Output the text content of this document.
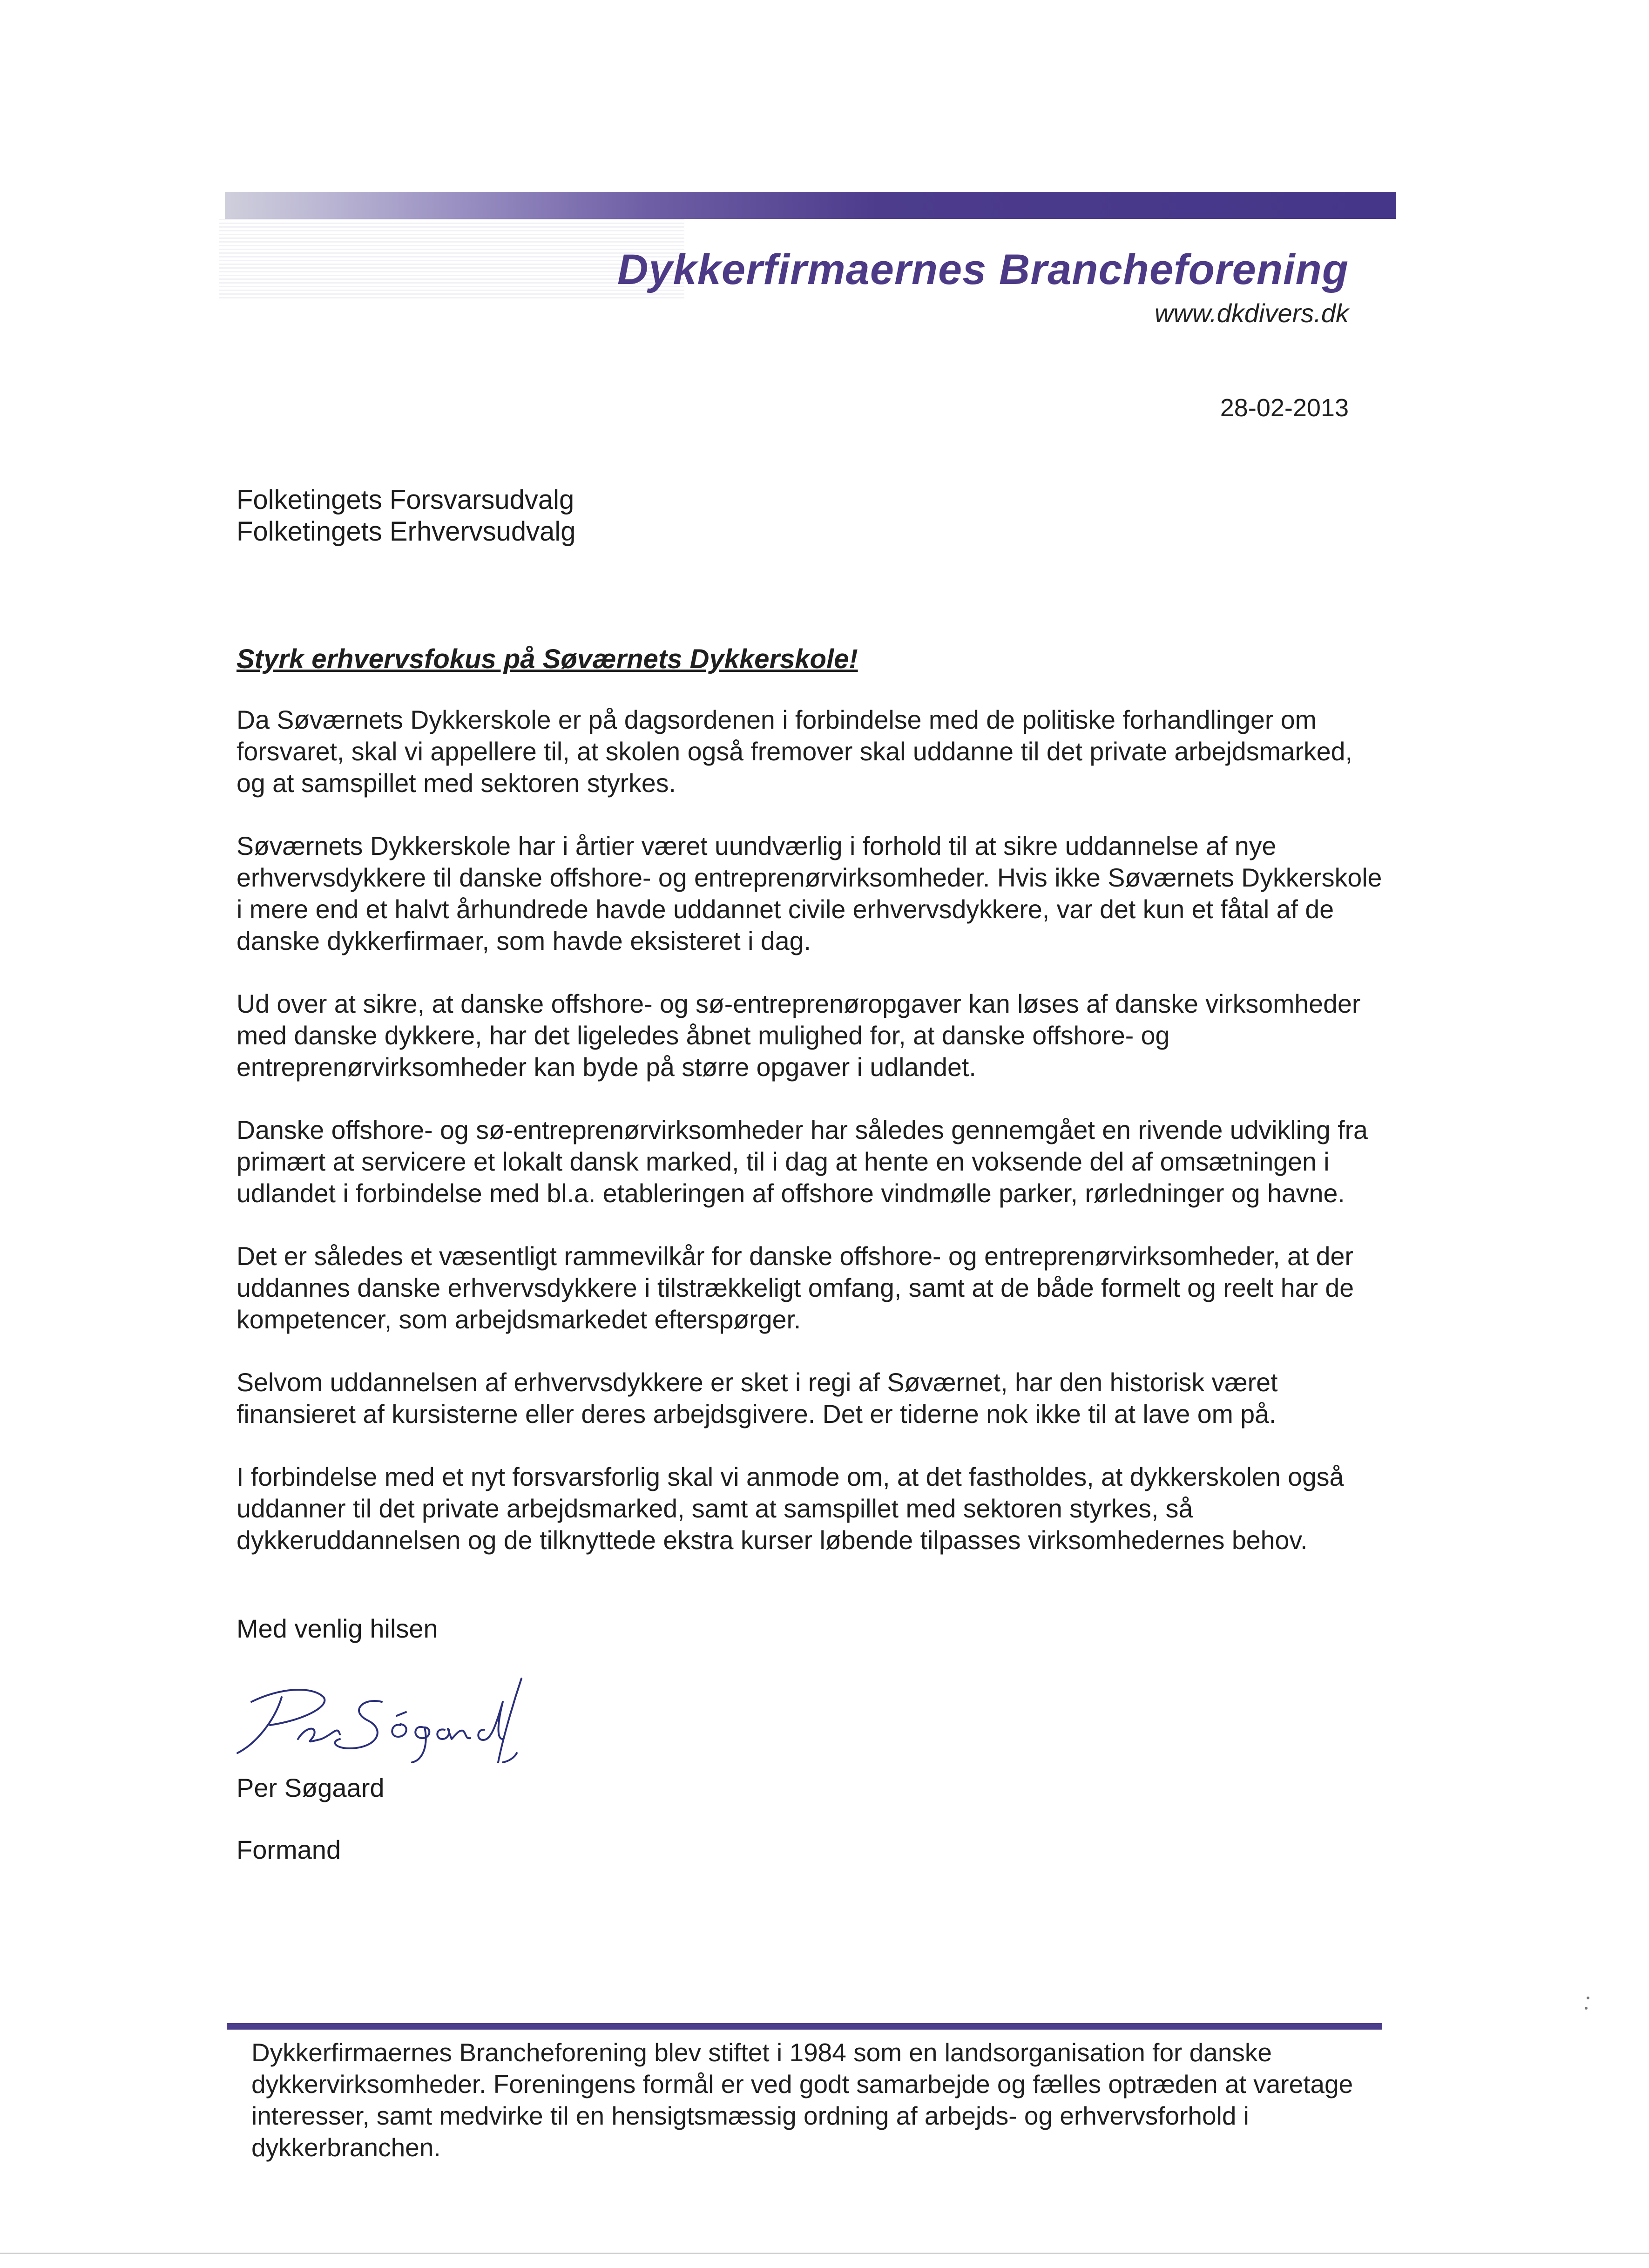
Dykkerfirmaernes Brancheforening
www.dkdivers.dk
28-02-2013
Folketingets Forsvarsudvalg
Folketingets Erhvervsudvalg
Styrk erhvervsfokus på Søværnets Dykkerskole!

Da Søværnets Dykkerskole er på dagsordenen i forbindelse med de politiske forhandlinger om forsvaret, skal vi appellere til, at skolen også fremover skal uddanne til det private arbejdsmarked, og at samspillet med sektoren styrkes.

Søværnets Dykkerskole har i årtier været uundværlig i forhold til at sikre uddannelse af nye erhvervsdykkere til danske offshore- og entreprenørvirksomheder. Hvis ikke Søværnets Dykkerskole i mere end et halvt århundrede havde uddannet civile erhvervsdykkere, var det kun et fåtal af de danske dykkerfirmaer, som havde eksisteret i dag.

Ud over at sikre, at danske offshore- og sø-entreprenøropgaver kan løses af danske virksomheder med danske dykkere, har det ligeledes åbnet mulighed for, at danske offshore- og entreprenørvirksomheder kan byde på større opgaver i udlandet.

Danske offshore- og sø-entreprenørvirksomheder har således gennemgået en rivende udvikling fra primært at servicere et lokalt dansk marked, til i dag at hente en voksende del af omsætningen i udlandet i forbindelse med bl.a. etableringen af offshore vindmølle parker, rørledninger og havne.

Det er således et væsentligt rammevilkår for danske offshore- og entreprenørvirksomheder, at der uddannes danske erhvervsdykkere i tilstrækkeligt omfang, samt at de både formelt og reelt har de kompetencer, som arbejdsmarkedet efterspørger.

Selvom uddannelsen af erhvervsdykkere er sket i regi af Søværnet, har den historisk været finansieret af kursisterne eller deres arbejdsgivere. Det er tiderne nok ikke til at lave om på.

I forbindelse med et nyt forsvarsforlig skal vi anmode om, at det fastholdes, at dykkerskolen også uddanner til det private arbejdsmarked, samt at samspillet med sektoren styrkes, så dykkeruddannelsen og de tilknyttede ekstra kurser løbende tilpasses virksomhedernes behov.

Med venlig hilsen
Per Søgaard
Formand
Dykkerfirmaernes Brancheforening blev stiftet i 1984 som en landsorganisation for danske dykkervirksomheder. Foreningens formål er ved godt samarbejde og fælles optræden at varetage interesser, samt medvirke til en hensigtsmæssig ordning af arbejds- og erhvervsforhold i dykkerbranchen.
